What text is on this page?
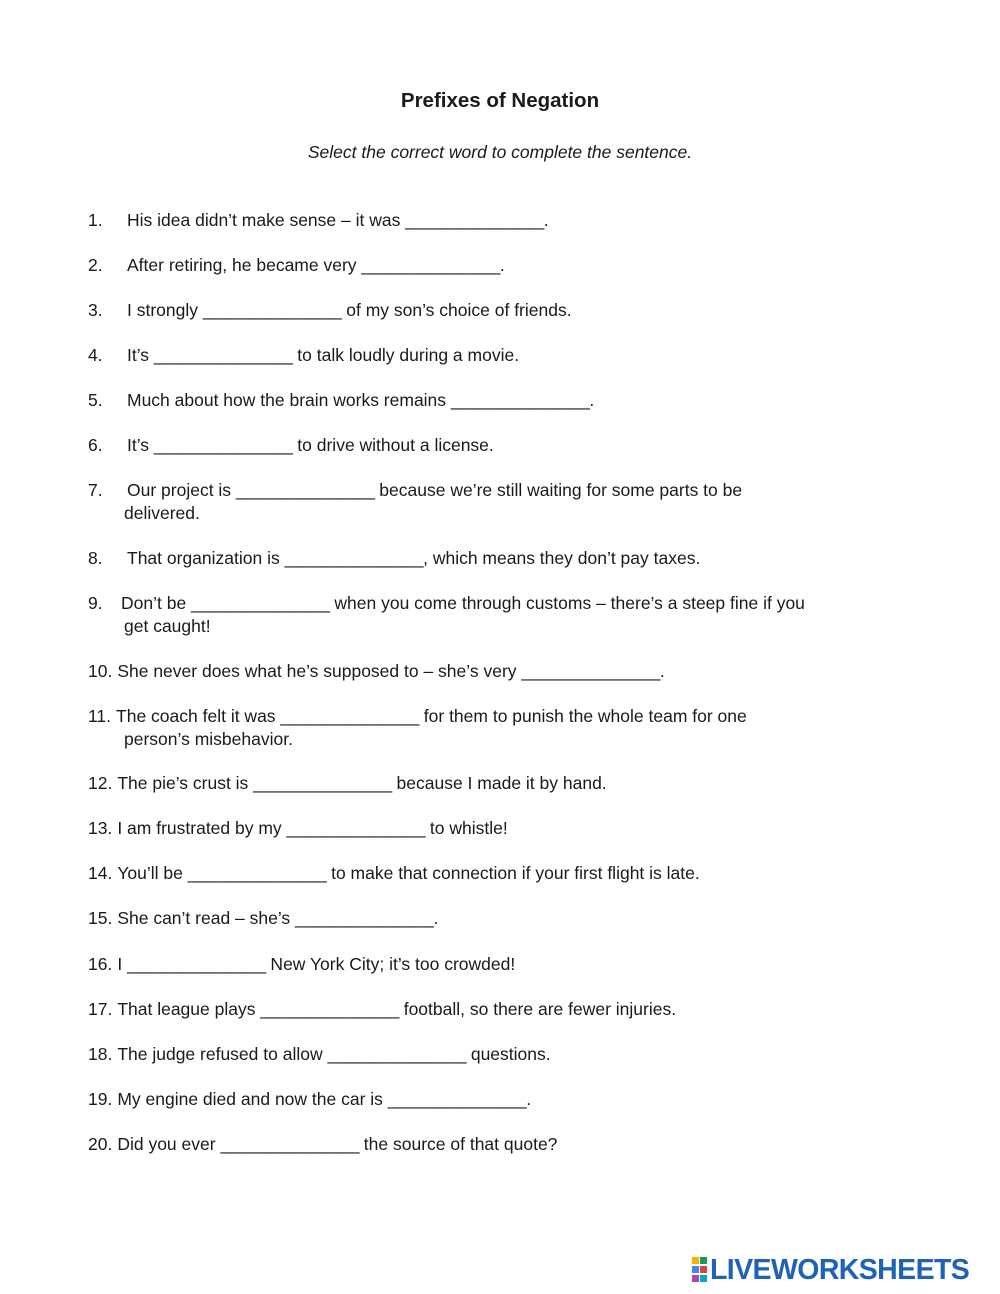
Prefixes of Negation

Select the correct word to complete the sentence.

1. His idea didn’t make sense – it was _______________.
2. After retiring, he became very _______________.
3. I strongly _______________ of my son’s choice of friends.
4. It’s _______________ to talk loudly during a movie.
5. Much about how the brain works remains _______________.
6. It’s _______________ to drive without a license.
7. Our project is _______________ because we’re still waiting for some parts to be
delivered.
8. That organization is _______________, which means they don’t pay taxes.
9. Don’t be _______________ when you come through customs – there’s a steep fine if you
get caught!
10. She never does what he’s supposed to – she’s very _______________.
11. The coach felt it was _______________ for them to punish the whole team for one
person’s misbehavior.
12. The pie’s crust is _______________ because I made it by hand.
13. I am frustrated by my _______________ to whistle!
14. You’ll be _______________ to make that connection if your first flight is late.
15. She can’t read – she’s _______________.
16. I _______________ New York City; it’s too crowded!
17. That league plays _______________ football, so there are fewer injuries.
18. The judge refused to allow _______________ questions.
19. My engine died and now the car is _______________.
20. Did you ever _______________ the source of that quote?
LIVEWORKSHEETS
